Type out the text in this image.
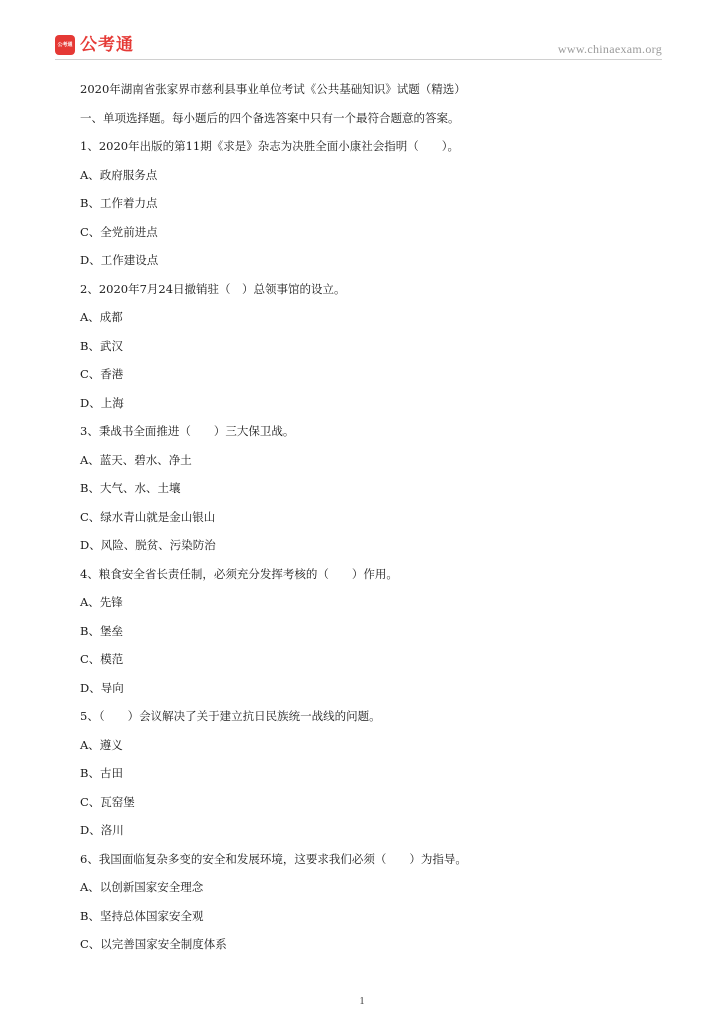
公考通 公考通	www.chinaexam.org
2020年湖南省张家界市慈利县事业单位考试《公共基础知识》试题（精选）
一、单项选择题。每小题后的四个备选答案中只有一个最符合题意的答案。
1、2020年出版的第11期《求是》杂志为决胜全面小康社会指明（　　）。
A、政府服务点
B、工作着力点
C、全党前进点
D、工作建设点
2、2020年7月24日撤销驻（　）总领事馆的设立。
A、成都
B、武汉
C、香港
D、上海
3、秉战书全面推进（　　）三大保卫战。
A、蓝天、碧水、净土
B、大气、水、土壤
C、绿水青山就是金山银山
D、风险、脱贫、污染防治
4、粮食安全省长责任制，必须充分发挥考核的（　　）作用。
A、先锋
B、堡垒
C、模范
D、导向
5、（　　）会议解决了关于建立抗日民族统一战线的问题。
A、遵义
B、古田
C、瓦窑堡
D、洛川
6、我国面临复杂多变的安全和发展环境，这要求我们必须（　　）为指导。
A、以创新国家安全理念
B、坚持总体国家安全观
C、以完善国家安全制度体系
1
